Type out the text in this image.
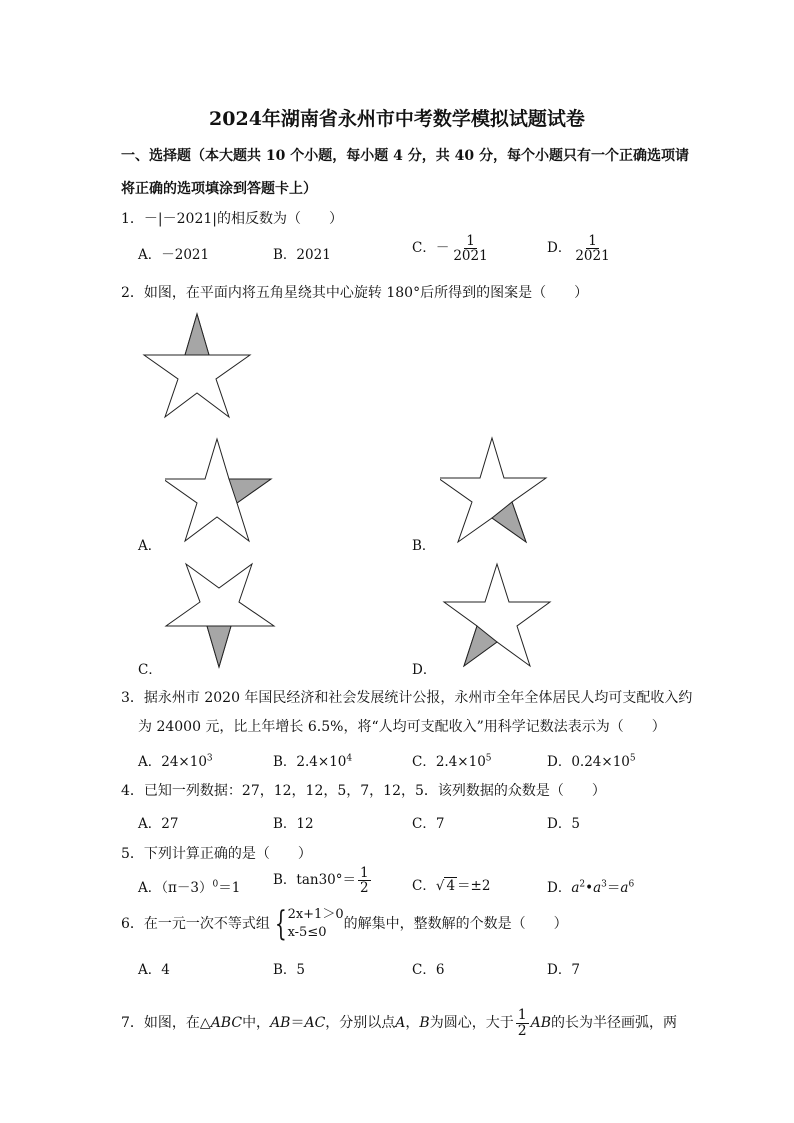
2024年湖南省永州市中考数学模拟试题试卷
一、选择题（本大题共 10 个小题，每小题 4 分，共 40 分，每个小题只有一个正确选项请
将正确的选项填涂到答题卡上）
1．－|－2021|的相反数为（　　）
A．－2021	B．2021	C．－ $\frac{1}{2021}$	D． $\frac{1}{2021}$
2．如图，在平面内将五角星绕其中心旋转 180°后所得到的图案是（　　）
A．	B．
C．	D．
3．据永州市 2020 年国民经济和社会发展统计公报，永州市全年全体居民人均可支配收入约
为 24000 元，比上年增长 6.5%，将“人均可支配收入”用科学记数法表示为（　　）
A．$24\times 10^3$	B．$2.4\times 10^4$	C．$2.4\times 10^5$	D．$0.24\times 10^5$
4．已知一列数据：27，12，12，5，7，12，5．该列数据的众数是（　　）
A．27	B．12	C．7	D．5
5．下列计算正确的是（　　）
A．$(\pi-3)^0=1$ B．$\tan 30^\circ= \frac{1}{2}$	C．√ 4 ＝±2	D．$a^2•a^3=a^6$
6．在一元一次不等式组 { 2x+1＞0
x-5≤0
的解集中，整数解的个数是（　　）
A．4	B．5	C．6	D．7
7．如图，在△ABC中，AB＝AC，分别以点A，B为圆心，大于 $\frac{1}{2}$ AB的长为半径画弧，两
